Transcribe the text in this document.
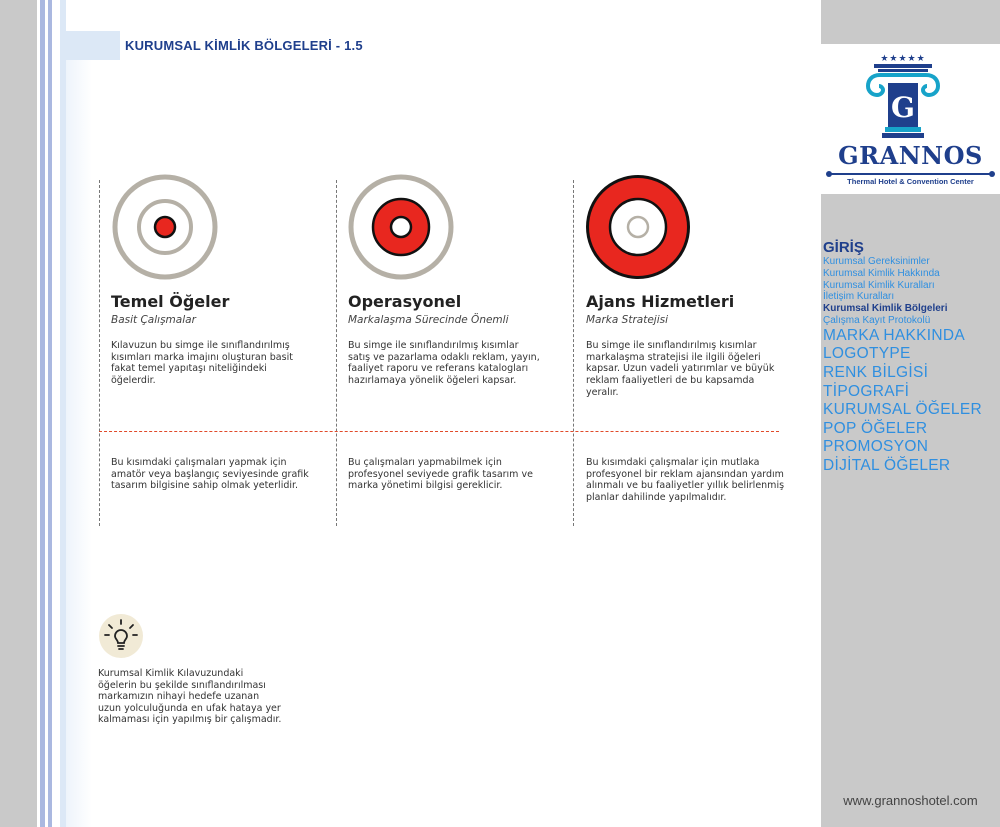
KURUMSAL KİMLİK BÖLGELERİ - 1.5
Temel Öğeler
Basit Çalışmalar
Kılavuzun bu simge ile sınıflandırılmış kısımları marka imajını oluşturan basit fakat temel yapıtaşı niteliğindeki öğelerdir.
Bu kısımdaki çalışmaları yapmak için amatör veya başlangıç seviyesinde grafik tasarım bilgisine sahip olmak yeterlidir.
Operasyonel
Markalaşma Sürecinde Önemli
Bu simge ile sınıflandırılmış kısımlar satış ve pazarlama odaklı reklam, yayın, faaliyet raporu ve referans katalogları hazırlamaya yönelik öğeleri kapsar.
Bu çalışmaları yapmabilmek için profesyonel seviyede grafik tasarım ve marka yönetimi bilgisi gereklicir.
Ajans Hizmetleri
Marka Stratejisi
Bu simge ile sınıflandırılmış kısımlar markalaşma stratejisi ile ilgili öğeleri kapsar. Uzun vadeli yatırımlar ve büyük reklam faaliyetleri de bu kapsamda yeralır.
Bu kısımdaki çalışmalar için mutlaka profesyonel bir reklam ajansından yardım alınmalı ve bu faaliyetler yıllık belirlenmiş planlar dahilinde yapılmalıdır.
Kurumsal Kimlik Kılavuzundaki öğelerin bu şekilde sınıflandırılması markamızın nihayi hedefe uzanan uzun yolculuğunda en ufak hataya yer kalmaması için yapılmış bir çalışmadır.
★★★★★
G
GRANNOS
Thermal Hotel & Convention Center
GİRİŞ
Kurumsal Gereksinimler
Kurumsal Kimlik Hakkında
Kurumsal Kimlik Kuralları
İletişim Kuralları
Kurumsal Kimlik Bölgeleri
Çalışma Kayıt Protokolü
MARKA HAKKINDA
LOGOTYPE
RENK BİLGİSİ
TİPOGRAFİ
KURUMSAL ÖĞELER
POP ÖĞELER
PROMOSYON
DİJİTAL ÖĞELER
www.grannoshotel.com
